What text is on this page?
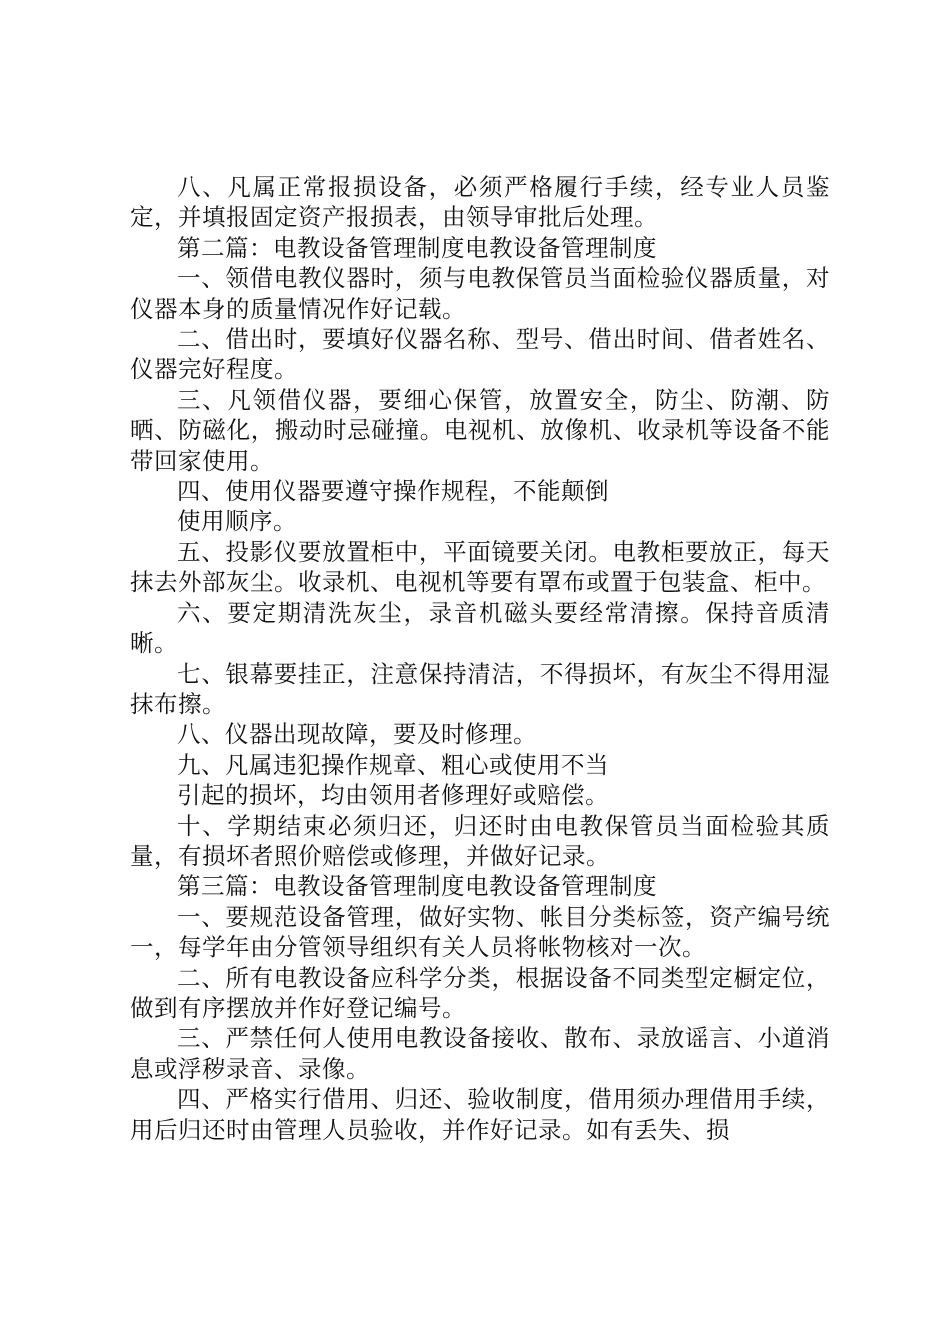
八、凡属正常报损设备，必须严格履行手续，经专业人员鉴定，并填报固定资产报损表，由领导审批后处理。

第二篇：电教设备管理制度电教设备管理制度

一、领借电教仪器时，须与电教保管员当面检验仪器质量，对仪器本身的质量情况作好记载。

二、借出时，要填好仪器名称、型号、借出时间、借者姓名、仪器完好程度。

三、凡领借仪器，要细心保管，放置安全，防尘、防潮、防晒、防磁化，搬动时忌碰撞。电视机、放像机、收录机等设备不能带回家使用。

四、使用仪器要遵守操作规程，不能颠倒

使用顺序。

五、投影仪要放置柜中，平面镜要关闭。电教柜要放正，每天抹去外部灰尘。收录机、电视机等要有罩布或置于包装盒、柜中。

六、要定期清洗灰尘，录音机磁头要经常清擦。保持音质清晰。

七、银幕要挂正，注意保持清洁，不得损坏，有灰尘不得用湿抹布擦。

八、仪器出现故障，要及时修理。

九、凡属违犯操作规章、粗心或使用不当

引起的损坏，均由领用者修理好或赔偿。

十、学期结束必须归还，归还时由电教保管员当面检验其质量，有损坏者照价赔偿或修理，并做好记录。

第三篇：电教设备管理制度电教设备管理制度

一、要规范设备管理，做好实物、帐目分类标签，资产编号统一，每学年由分管领导组织有关人员将帐物核对一次。

二、所有电教设备应科学分类，根据设备不同类型定橱定位，做到有序摆放并作好登记编号。

三、严禁任何人使用电教设备接收、散布、录放谣言、小道消息或浮秽录音、录像。

四、严格实行借用、归还、验收制度，借用须办理借用手续，用后归还时由管理人员验收，并作好记录。如有丢失、损
